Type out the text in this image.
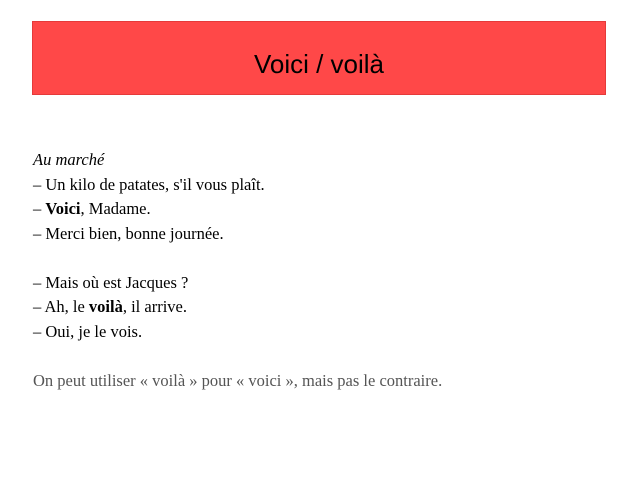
Voici / voilà
Au marché
– Un kilo de patates, s'il vous plaît.
– Voici, Madame.
– Merci bien, bonne journée.
– Mais où est Jacques ?
– Ah, le voilà, il arrive.
– Oui, je le vois.
On peut utiliser « voilà » pour « voici », mais pas le contraire.
